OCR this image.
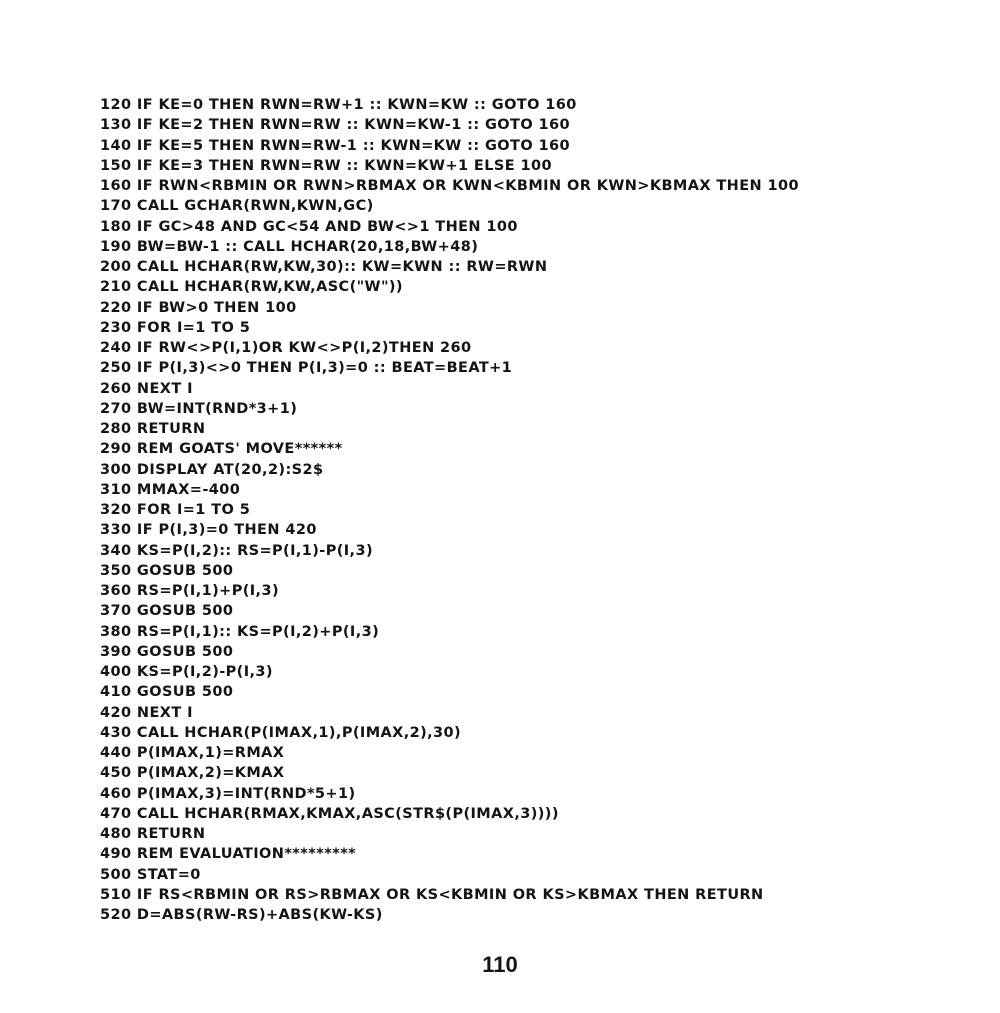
120 IF KE=0 THEN RWN=RW+1 :: KWN=KW :: GOTO 160
130 IF KE=2 THEN RWN=RW :: KWN=KW-1 :: GOTO 160
140 IF KE=5 THEN RWN=RW-1 :: KWN=KW :: GOTO 160
150 IF KE=3 THEN RWN=RW :: KWN=KW+1 ELSE 100
160 IF RWN<RBMIN OR RWN>RBMAX OR KWN<KBMIN OR KWN>KBMAX THEN 100
170 CALL GCHAR(RWN,KWN,GC)
180 IF GC>48 AND GC<54 AND BW<>1 THEN 100
190 BW=BW-1 :: CALL HCHAR(20,18,BW+48)
200 CALL HCHAR(RW,KW,30):: KW=KWN :: RW=RWN
210 CALL HCHAR(RW,KW,ASC("W"))
220 IF BW>0 THEN 100
230 FOR I=1 TO 5
240 IF RW<>P(I,1)OR KW<>P(I,2)THEN 260
250 IF P(I,3)<>0 THEN P(I,3)=0 :: BEAT=BEAT+1
260 NEXT I
270 BW=INT(RND*3+1)
280 RETURN
290 REM GOATS' MOVE******
300 DISPLAY AT(20,2):S2$
310 MMAX=-400
320 FOR I=1 TO 5
330 IF P(I,3)=0 THEN 420
340 KS=P(I,2):: RS=P(I,1)-P(I,3)
350 GOSUB 500
360 RS=P(I,1)+P(I,3)
370 GOSUB 500
380 RS=P(I,1):: KS=P(I,2)+P(I,3)
390 GOSUB 500
400 KS=P(I,2)-P(I,3)
410 GOSUB 500
420 NEXT I
430 CALL HCHAR(P(IMAX,1),P(IMAX,2),30)
440 P(IMAX,1)=RMAX
450 P(IMAX,2)=KMAX
460 P(IMAX,3)=INT(RND*5+1)
470 CALL HCHAR(RMAX,KMAX,ASC(STR$(P(IMAX,3))))
480 RETURN
490 REM EVALUATION*********
500 STAT=0
510 IF RS<RBMIN OR RS>RBMAX OR KS<KBMIN OR KS>KBMAX THEN RETURN
520 D=ABS(RW-RS)+ABS(KW-KS)
110
